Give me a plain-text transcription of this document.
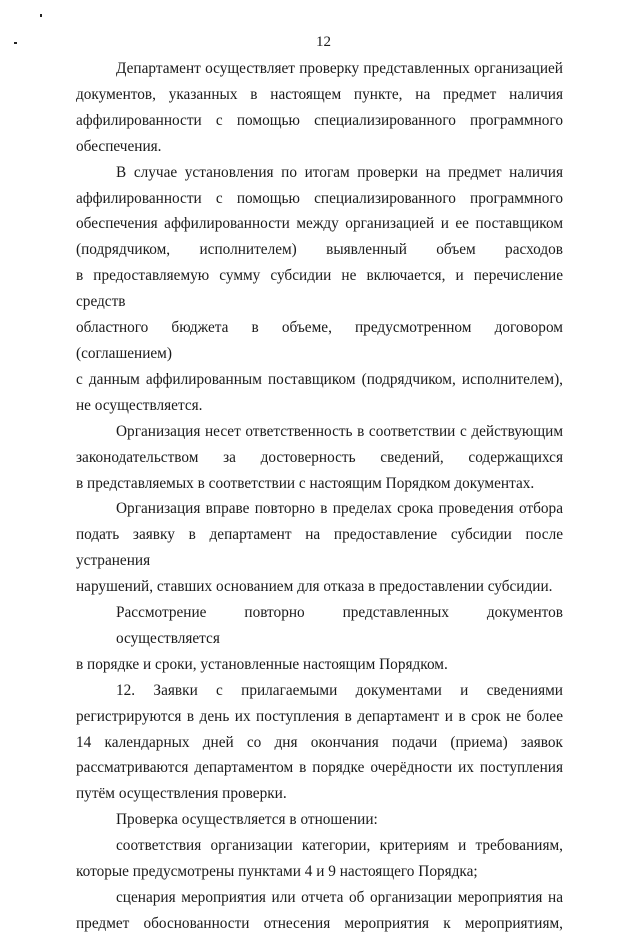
12
Департамент осуществляет проверку представленных организацией
документов, указанных в настоящем пункте, на предмет наличия
аффилированности с помощью специализированного программного
обеспечения.
В случае установления по итогам проверки на предмет наличия
аффилированности с помощью специализированного программного
обеспечения аффилированности между организацией и ее поставщиком
(подрядчиком, исполнителем) выявленный объем расходов
в предоставляемую сумму субсидии не включается, и перечисление средств
областного бюджета в объеме, предусмотренном договором (соглашением)
с данным аффилированным поставщиком (подрядчиком, исполнителем),
не осуществляется.
Организация несет ответственность в соответствии с действующим
законодательством за достоверность сведений, содержащихся
в представляемых в соответствии с настоящим Порядком документах.
Организация вправе повторно в пределах срока проведения отбора
подать заявку в департамент на предоставление субсидии после устранения
нарушений, ставших основанием для отказа в предоставлении субсидии.
Рассмотрение повторно представленных документов осуществляется
в порядке и сроки, установленные настоящим Порядком.
12. Заявки с прилагаемыми документами и сведениями
регистрируются в день их поступления в департамент и в срок не более
14 календарных дней со дня окончания подачи (приема) заявок
рассматриваются департаментом в порядке очерёдности их поступления
путём осуществления проверки.
Проверка осуществляется в отношении:
соответствия организации категории, критериям и требованиям,
которые предусмотрены пунктами 4 и 9 настоящего Порядка;
сценария мероприятия или отчета об организации мероприятия на
предмет обоснованности отнесения мероприятия к мероприятиям,
